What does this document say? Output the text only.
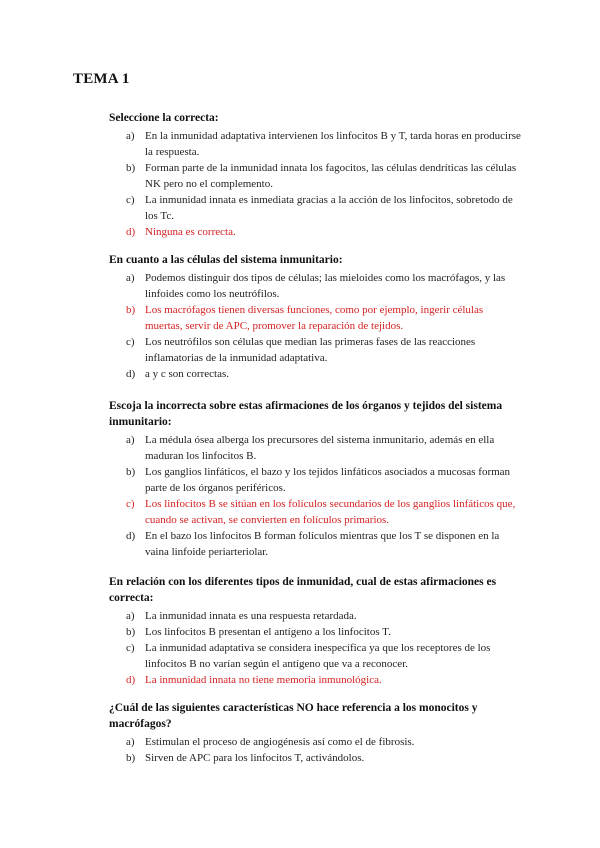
TEMA 1
Seleccione la correcta:
a) En la inmunidad adaptativa intervienen los linfocitos B y T, tarda horas en producirse la respuesta.
b) Forman parte de la inmunidad innata los fagocitos, las células dendríticas las células NK pero no el complemento.
c) La inmunidad innata es inmediata gracias a la acción de los linfocitos, sobretodo de los Tc.
d) Ninguna es correcta.
En cuanto a las células del sistema inmunitario:
a) Podemos distinguir dos tipos de células; las mieloides como los macrófagos, y las linfoides como los neutrófilos.
b) Los macrófagos tienen diversas funciones, como por ejemplo, ingerir células muertas, servir de APC, promover la reparación de tejidos.
c) Los neutrófilos son células que median las primeras fases de las reacciones inflamatorias de la inmunidad adaptativa.
d) a y c son correctas.
Escoja la incorrecta sobre estas afirmaciones de los órganos y tejidos del sistema inmunitario:
a) La médula ósea alberga los precursores del sistema inmunitario, además en ella maduran los linfocitos B.
b) Los ganglios linfáticos, el bazo y los tejidos linfáticos asociados a mucosas forman parte de los órganos periféricos.
c) Los linfocitos B se sitúan en los folículos secundarios de los ganglios linfáticos que, cuando se activan, se convierten en folículos primarios.
d) En el bazo los linfocitos B forman folículos mientras que los T se disponen en la vaina linfoide periarteriolar.
En relación con los diferentes tipos de inmunidad, cual de estas afirmaciones es correcta:
a) La inmunidad innata es una respuesta retardada.
b) Los linfocitos B presentan el antígeno a los linfocitos T.
c) La inmunidad adaptativa se considera inespecífica ya que los receptores de los linfocitos B no varían según el antígeno que va a reconocer.
d) La inmunidad innata no tiene memoria inmunológica.
¿Cuál de las siguientes características NO hace referencia a los monocitos y macrófagos?
a) Estimulan el proceso de angiogénesis así como el de fibrosis.
b) Sirven de APC para los linfocitos T, activándolos.
